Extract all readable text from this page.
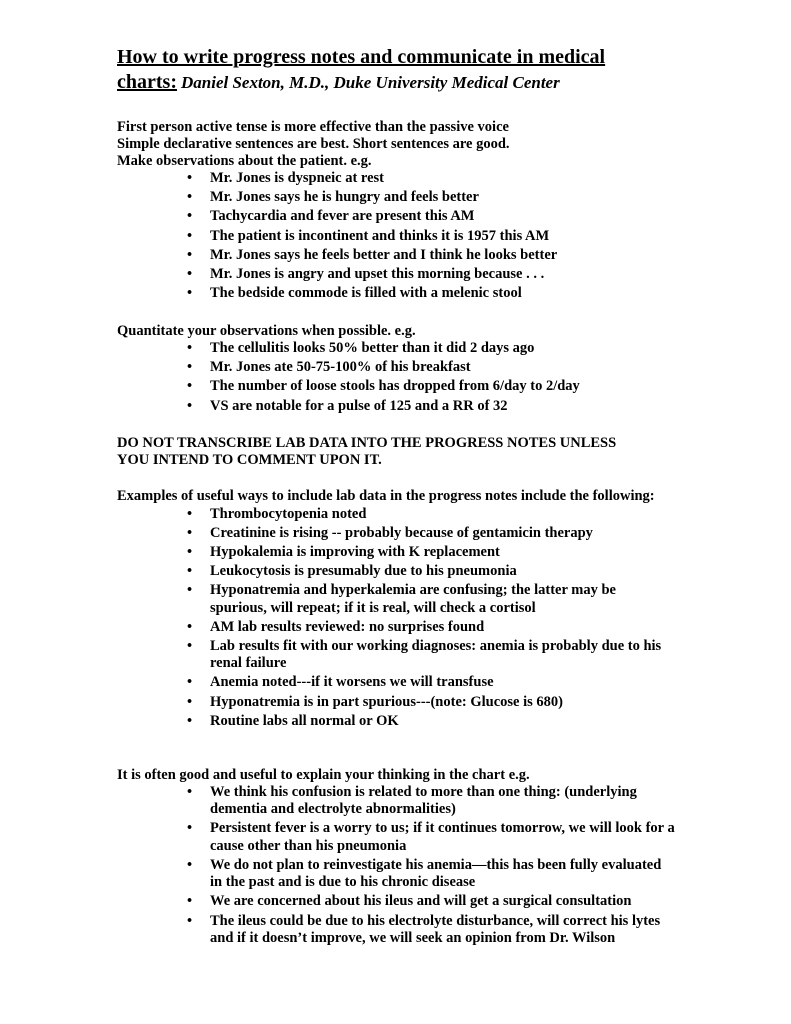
How to write progress notes and communicate in medical
charts: Daniel Sexton, M.D., Duke University Medical Center
First person active tense is more effective than the passive voice
Simple declarative sentences are best. Short sentences are good.
Make observations about the patient. e.g.
• Mr. Jones is dyspneic at rest
• Mr. Jones says he is hungry and feels better
• Tachycardia and fever are present this AM
• The patient is incontinent and thinks it is 1957 this AM
• Mr. Jones says he feels better and I think he looks better
• Mr. Jones is angry and upset this morning because . . .
• The bedside commode is filled with a melenic stool
Quantitate your observations when possible. e.g.
• The cellulitis looks 50% better than it did 2 days ago
• Mr. Jones ate 50-75-100% of his breakfast
• The number of loose stools has dropped from 6/day to 2/day
• VS are notable for a pulse of 125 and a RR of 32
DO NOT TRANSCRIBE LAB DATA INTO THE PROGRESS NOTES UNLESS
YOU INTEND TO COMMENT UPON IT.
Examples of useful ways to include lab data in the progress notes include the following:
• Thrombocytopenia noted
• Creatinine is rising -- probably because of gentamicin therapy
• Hypokalemia is improving with K replacement
• Leukocytosis is presumably due to his pneumonia
• Hyponatremia and hyperkalemia are confusing; the latter may be spurious, will repeat; if it is real, will check a cortisol
• AM lab results reviewed: no surprises found
• Lab results fit with our working diagnoses: anemia is probably due to his renal failure
• Anemia noted---if it worsens we will transfuse
• Hyponatremia is in part spurious---(note: Glucose is 680)
• Routine labs all normal or OK
It is often good and useful to explain your thinking in the chart e.g.
• We think his confusion is related to more than one thing: (underlying dementia and electrolyte abnormalities)
• Persistent fever is a worry to us; if it continues tomorrow, we will look for a cause other than his pneumonia
• We do not plan to reinvestigate his anemia—this has been fully evaluated in the past and is due to his chronic disease
• We are concerned about his ileus and will get a surgical consultation
• The ileus could be due to his electrolyte disturbance, will correct his lytes and if it doesn’t improve, we will seek an opinion from Dr. Wilson
